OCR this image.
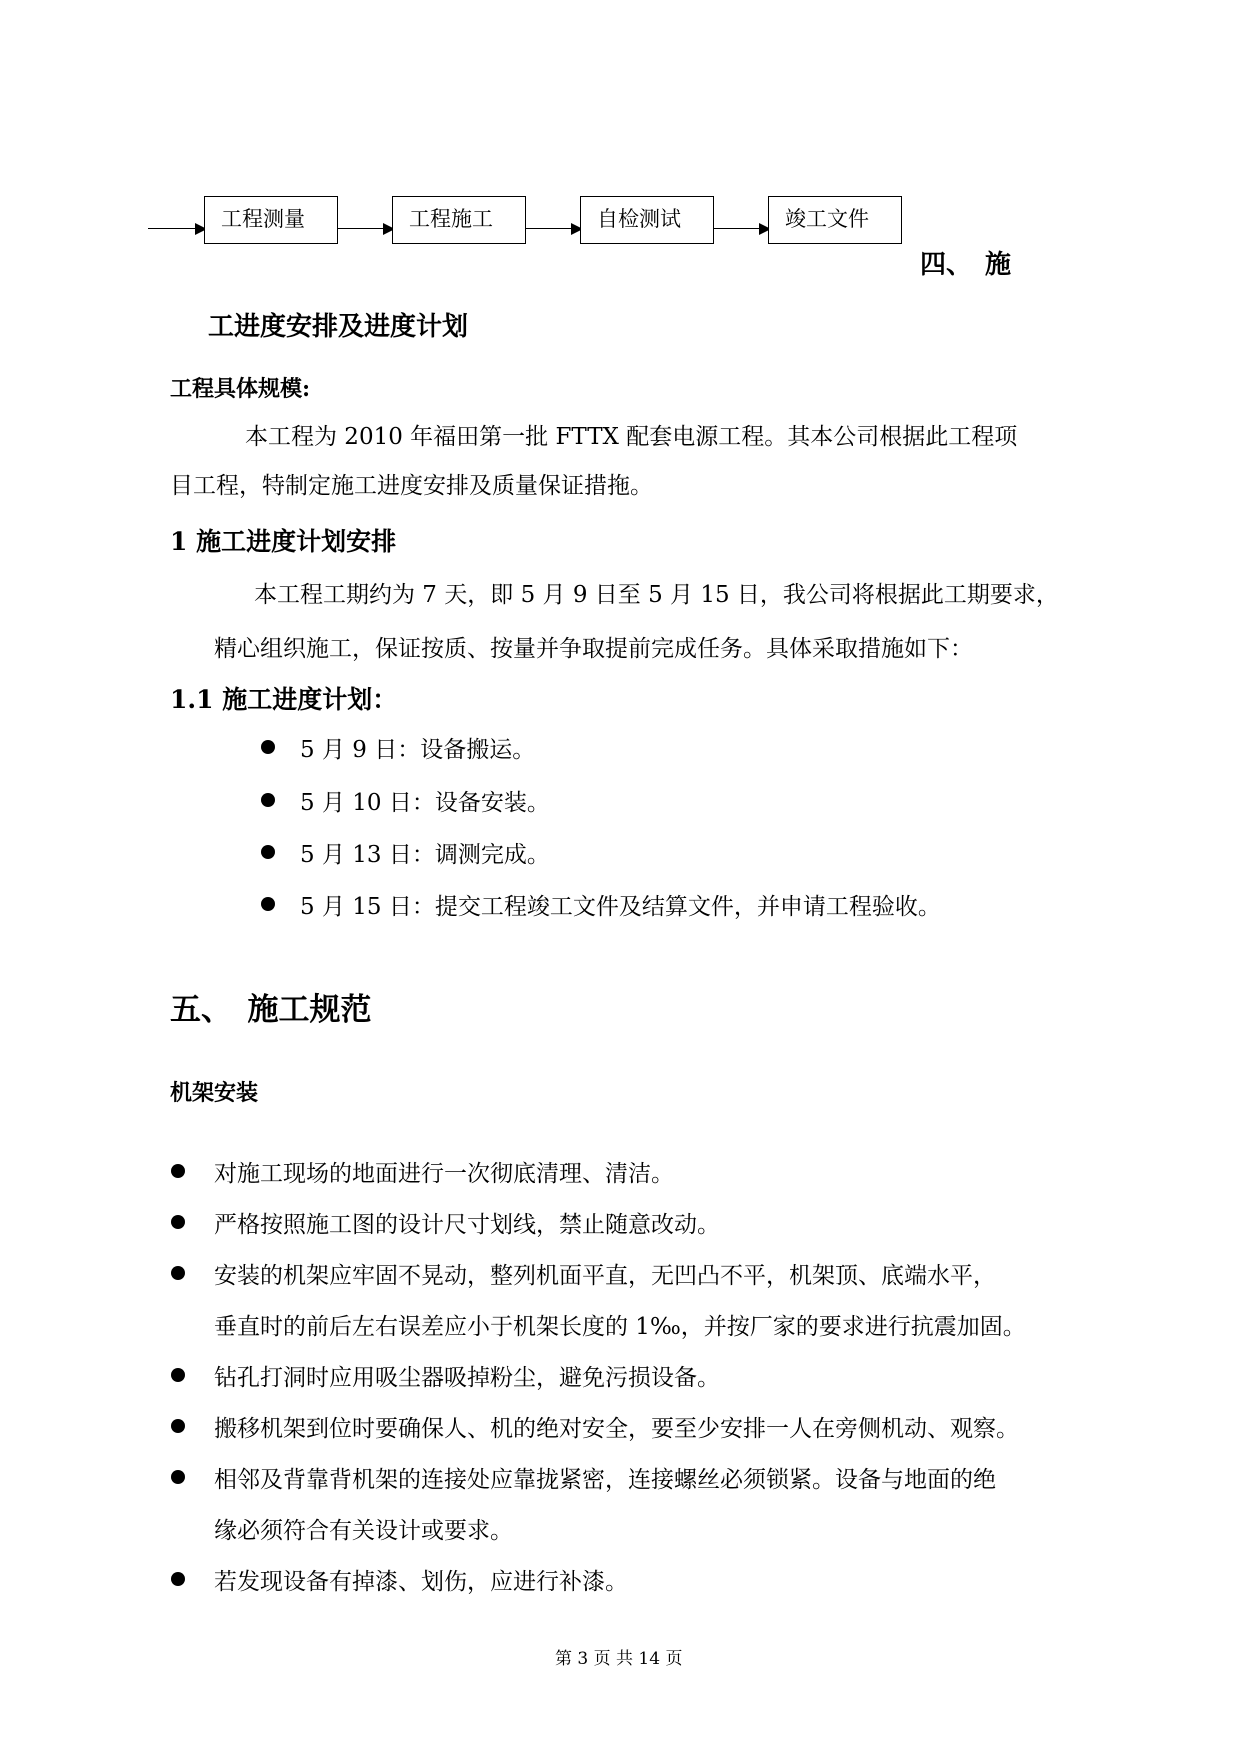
工程测量	工程施工	自检测试	竣工文件
四、　施
工进度安排及进度计划
工程具体规模:
本工程为 2010 年福田第一批 FTTX 配套电源工程。其本公司根据此工程项
目工程，特制定施工进度安排及质量保证措拖。
1 施工进度计划安排
本工程工期约为 7 天，即 5 月 9 日至 5 月 15 日，我公司将根据此工期要求，
精心组织施工，保证按质、按量并争取提前完成任务。具体采取措施如下：
1.1 施工进度计划：
5 月 9 日：设备搬运。
5 月 10 日：设备安装。
5 月 13 日：调测完成。
5 月 15 日：提交工程竣工文件及结算文件，并申请工程验收。
五、　施工规范
机架安装
对施工现场的地面进行一次彻底清理、清洁。
严格按照施工图的设计尺寸划线，禁止随意改动。
安装的机架应牢固不晃动，整列机面平直，无凹凸不平，机架顶、底端水平，
垂直时的前后左右误差应小于机架长度的 1‰，并按厂家的要求进行抗震加固。
钻孔打洞时应用吸尘器吸掉粉尘，避免污损设备。
搬移机架到位时要确保人、机的绝对安全，要至少安排一人在旁侧机动、观察。
相邻及背靠背机架的连接处应靠拢紧密，连接螺丝必须锁紧。设备与地面的绝
缘必须符合有关设计或要求。
若发现设备有掉漆、划伤，应进行补漆。
第 3 页 共 14 页
